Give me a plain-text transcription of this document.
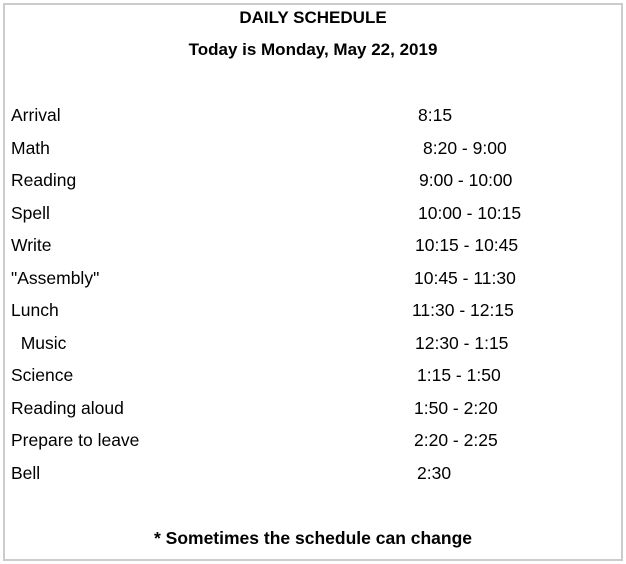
DAILY SCHEDULE
Today is Monday, May 22, 2019
Arrival	8:15
Math	8:20 - 9:00
Reading	9:00 - 10:00
Spell	10:00 - 10:15
Write	10:15 - 10:45
"Assembly"	10:45 - 11:30
Lunch	11:30 - 12:15
Music	12:30 - 1:15
Science	1:15 - 1:50
Reading aloud	1:50 - 2:20
Prepare to leave	2:20 - 2:25
Bell	2:30
* Sometimes the schedule can change
